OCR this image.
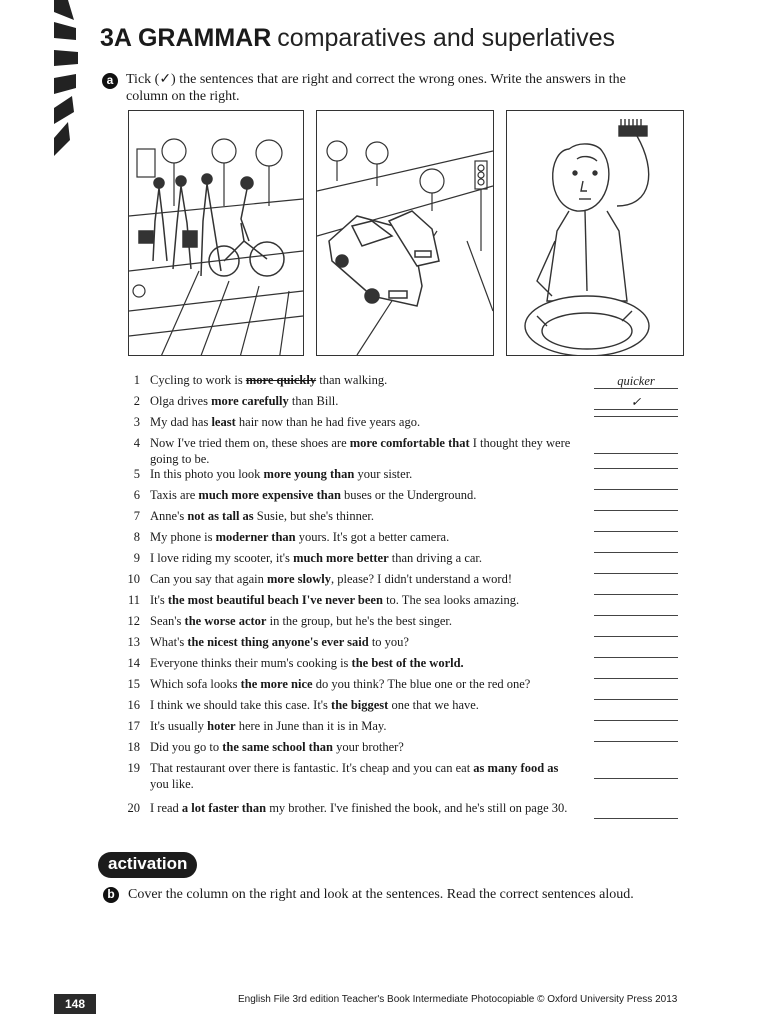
3A GRAMMAR comparatives and superlatives
a Tick (✓) the sentences that are right and correct the wrong ones. Write the answers in the column on the right.
1 Cycling to work is more quickly than walking.	quicker
2 Olga drives more carefully than Bill.	✓
3 My dad has least hair now than he had five years ago.
4 Now I've tried them on, these shoes are more comfortable that I thought they were going to be.
5 In this photo you look more young than your sister.
6 Taxis are much more expensive than buses or the Underground.
7 Anne's not as tall as Susie, but she's thinner.
8 My phone is moderner than yours. It's got a better camera.
9 I love riding my scooter, it's much more better than driving a car.
10 Can you say that again more slowly, please? I didn't understand a word!
11 It's the most beautiful beach I've never been to. The sea looks amazing.
12 Sean's the worse actor in the group, but he's the best singer.
13 What's the nicest thing anyone's ever said to you?
14 Everyone thinks their mum's cooking is the best of the world.
15 Which sofa looks the more nice do you think? The blue one or the red one?
16 I think we should take this case. It's the biggest one that we have.
17 It's usually hoter here in June than it is in May.
18 Did you go to the same school than your brother?
19 That restaurant over there is fantastic. It's cheap and you can eat as many food as you like.
20 I read a lot faster than my brother. I've finished the book, and he's still on page 30.
activation
b Cover the column on the right and look at the sentences. Read the correct sentences aloud.
148	English File 3rd edition Teacher's Book Intermediate Photocopiable © Oxford University Press 2013
